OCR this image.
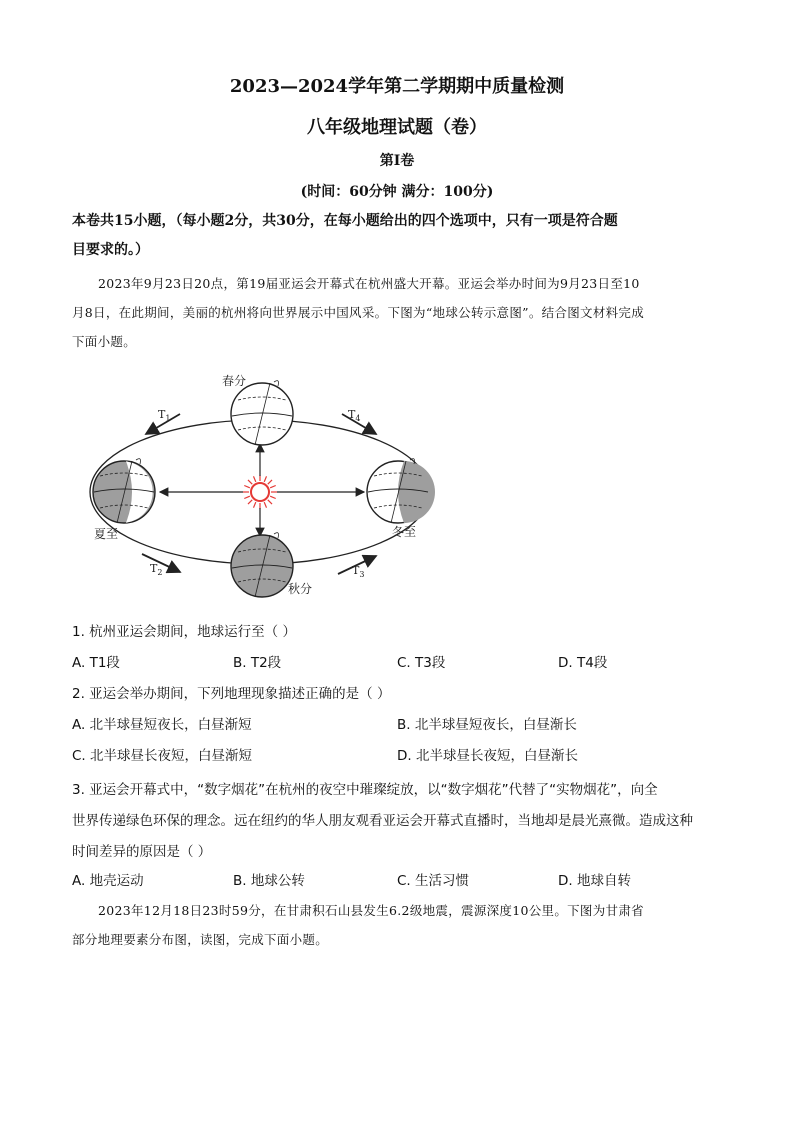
2023—2024学年第二学期期中质量检测
八年级地理试题（卷）
第Ⅰ卷
(时间：60分钟 满分：100分)
本卷共15小题，（每小题2分，共30分，在每小题给出的四个选项中，只有一项是符合题
目要求的。）
2023年9月23日20点，第19届亚运会开幕式在杭州盛大开幕。亚运会举办时间为9月23日至10
月8日，在此期间，美丽的杭州将向世界展示中国风采。下图为“地球公转示意图”。结合图文材料完成
下面小题。
春分
夏至	冬至
秋分
$T_1$
$T_2$	$T_3$
$T_4$
1. 杭州亚运会期间，地球运行至（ ）
A. T1段	B. T2段	C. T3段	D. T4段
2. 亚运会举办期间，下列地理现象描述正确的是（ ）
A. 北半球昼短夜长，白昼渐短	B. 北半球昼短夜长，白昼渐长
C. 北半球昼长夜短，白昼渐短	D. 北半球昼长夜短，白昼渐长
3. 亚运会开幕式中，“数字烟花”在杭州的夜空中璀璨绽放，以“数字烟花”代替了“实物烟花”，向全
世界传递绿色环保的理念。远在纽约的华人朋友观看亚运会开幕式直播时，当地却是晨光熹微。造成这种
时间差异的原因是（ ）
A. 地壳运动	B. 地球公转	C. 生活习惯	D. 地球自转
2023年12月18日23时59分，在甘肃积石山县发生6.2级地震，震源深度10公里。下图为甘肃省
部分地理要素分布图，读图，完成下面小题。
